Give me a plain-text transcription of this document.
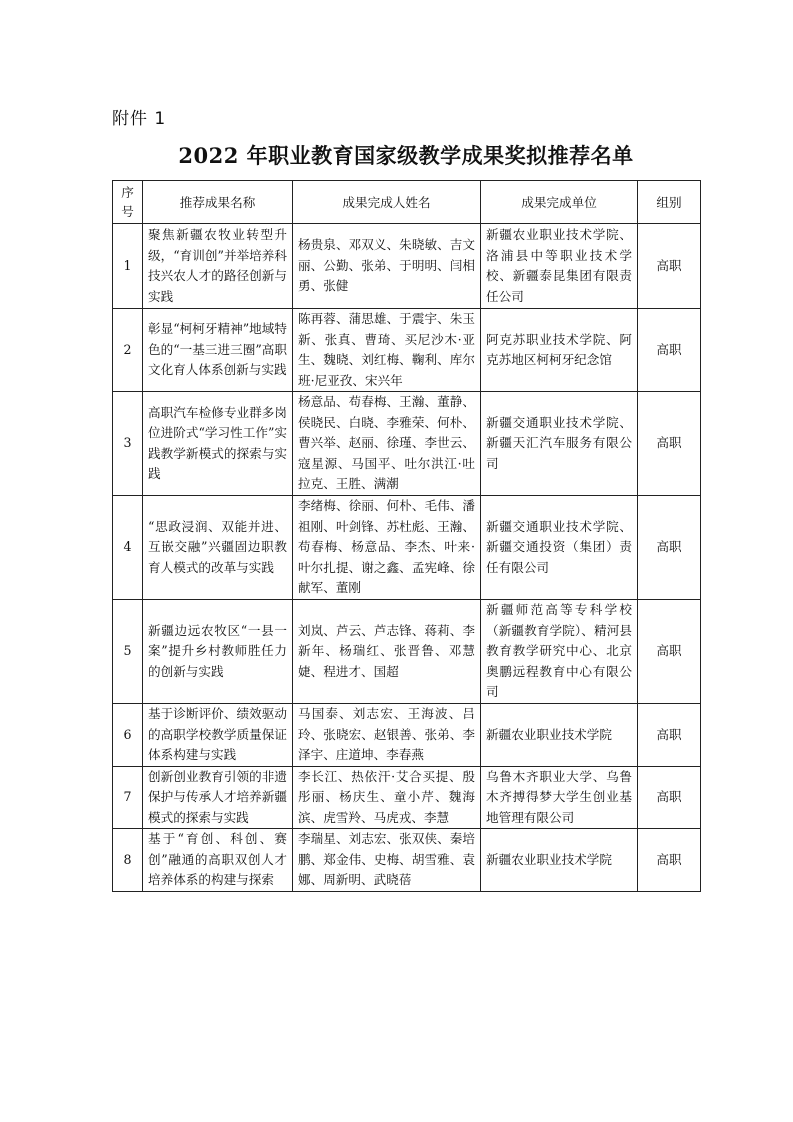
附件 1
2022 年职业教育国家级教学成果奖拟推荐名单
序号	推荐成果名称	成果完成人姓名	成果完成单位	组别
1	聚焦新疆农牧业转型升级，“育训创”并举培养科技兴农人才的路径创新与实践	杨贵泉、邓双义、朱晓敏、吉文丽、公勤、张弟、于明明、闫相勇、张健	新疆农业职业技术学院、洛浦县中等职业技术学校、新疆泰昆集团有限责任公司	高职
2	彰显“柯柯牙精神”地域特色的“一基三进三圈”高职文化育人体系创新与实践	陈再蓉、蒲思雄、于震宇、朱玉新、张真、曹琦、买尼沙木·亚生、魏晓、刘红梅、鞠利、库尔班·尼亚孜、宋兴年	阿克苏职业技术学院、阿克苏地区柯柯牙纪念馆	高职
3	高职汽车检修专业群多岗位进阶式“学习性工作”实践教学新模式的探索与实践	杨意品、苟春梅、王瀚、董静、侯晓民、白晓、李雅荣、何朴、曹兴举、赵丽、徐瑾、李世云、寇星源、马国平、吐尔洪江·吐拉克、王胜、满潮	新疆交通职业技术学院、新疆天汇汽车服务有限公司	高职
4	“思政浸润、双能并进、互嵌交融”兴疆固边职教育人模式的改革与实践	李绪梅、徐丽、何朴、毛伟、潘祖刚、叶剑锋、苏杜彪、王瀚、苟春梅、杨意品、李杰、叶来·叶尔扎提、谢之鑫、孟宪峰、徐献军、董刚	新疆交通职业技术学院、新疆交通投资（集团）责任有限公司	高职
5	新疆边远农牧区“一县一案”提升乡村教师胜任力的创新与实践	刘岚、芦云、芦志锋、蒋莉、李新年、杨瑞红、张晋鲁、邓慧婕、程进才、国超	新疆师范高等专科学校（新疆教育学院）、精河县教育教学研究中心、北京奥鹏远程教育中心有限公司	高职
6	基于诊断评价、绩效驱动的高职学校教学质量保证体系构建与实践	马国泰、刘志宏、王海波、吕玲、张晓宏、赵银善、张弟、李泽宇、庄道坤、李春燕	新疆农业职业技术学院	高职
7	创新创业教育引领的非遗保护与传承人才培养新疆模式的探索与实践	李长江、热依汗·艾合买提、殷彤丽、杨庆生、童小芹、魏海滨、虎雪羚、马虎戎、李慧	乌鲁木齐职业大学、乌鲁木齐搏得梦大学生创业基地管理有限公司	高职
8	基于“育创、科创、赛创”融通的高职双创人才培养体系的构建与探索	李瑞星、刘志宏、张双侠、秦培鹏、郑金伟、史梅、胡雪雅、袁娜、周新明、武晓蓓	新疆农业职业技术学院	高职
